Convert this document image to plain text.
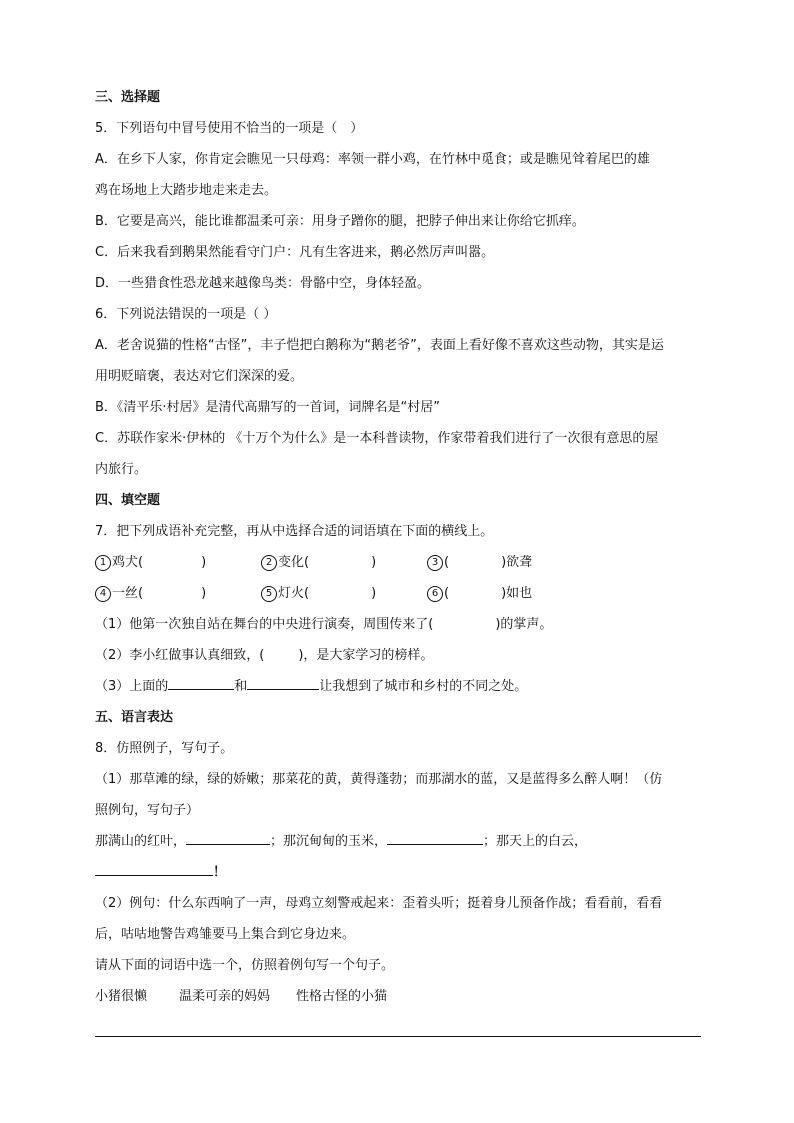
三、选择题

5．下列语句中冒号使用不恰当的一项是（　）

A．在乡下人家，你肯定会瞧见一只母鸡：率领一群小鸡，在竹林中觅食；或是瞧见耸着尾巴的雄

鸡在场地上大踏步地走来走去。

B．它要是高兴，能比谁都温柔可亲：用身子蹭你的腿，把脖子伸出来让你给它抓痒。

C．后来我看到鹅果然能看守门户：凡有生客进来，鹅必然厉声叫嚣。

D．一些猎食性恐龙越来越像鸟类：骨骼中空，身体轻盈。

6．下列说法错误的一项是（ ）

A．老舍说猫的性格“古怪”，丰子恺把白鹅称为“鹅老爷”，表面上看好像不喜欢这些动物，其实是运

用明贬暗褒，表达对它们深深的爱。

B．《清平乐·村居》是清代高鼎写的一首词，词牌名是“村居”

C．苏联作家米·伊林的 《十万个为什么》是一本科普读物，作家带着我们进行了一次很有意思的屋

内旅行。

四、填空题

7．把下列成语补充完整，再从中选择合适的词语填在下面的横线上。

1 鸡犬(	)	2 变化(	)	3 (	)欲聋
4 一丝(	)	5 灯火(	)	6 (	)如也

（1）他第一次独自站在舞台的中央进行演奏，周围传来了(	)的掌声。

（2）李小红做事认真细致，(	)，是大家学习的榜样。

（3）上面的	和	让我想到了城市和乡村的不同之处。

五、语言表达

8．仿照例子，写句子。

（1）那草滩的绿，绿的娇嫩；那菜花的黄，黄得蓬勃；而那湖水的蓝，又是蓝得多么醉人啊！（仿

照例句，写句子）

那满山的红叶，	；那沉甸甸的玉米，	；那天上的白云，

！

（2）例句：什么东西响了一声，母鸡立刻警戒起来：歪着头听；挺着身儿预备作战；看看前，看看

后，咕咕地警告鸡雏要马上集合到它身边来。

请从下面的词语中选一个，仿照着例句写一个句子。

小猪很懒 温柔可亲的妈妈 性格古怪的小猫
